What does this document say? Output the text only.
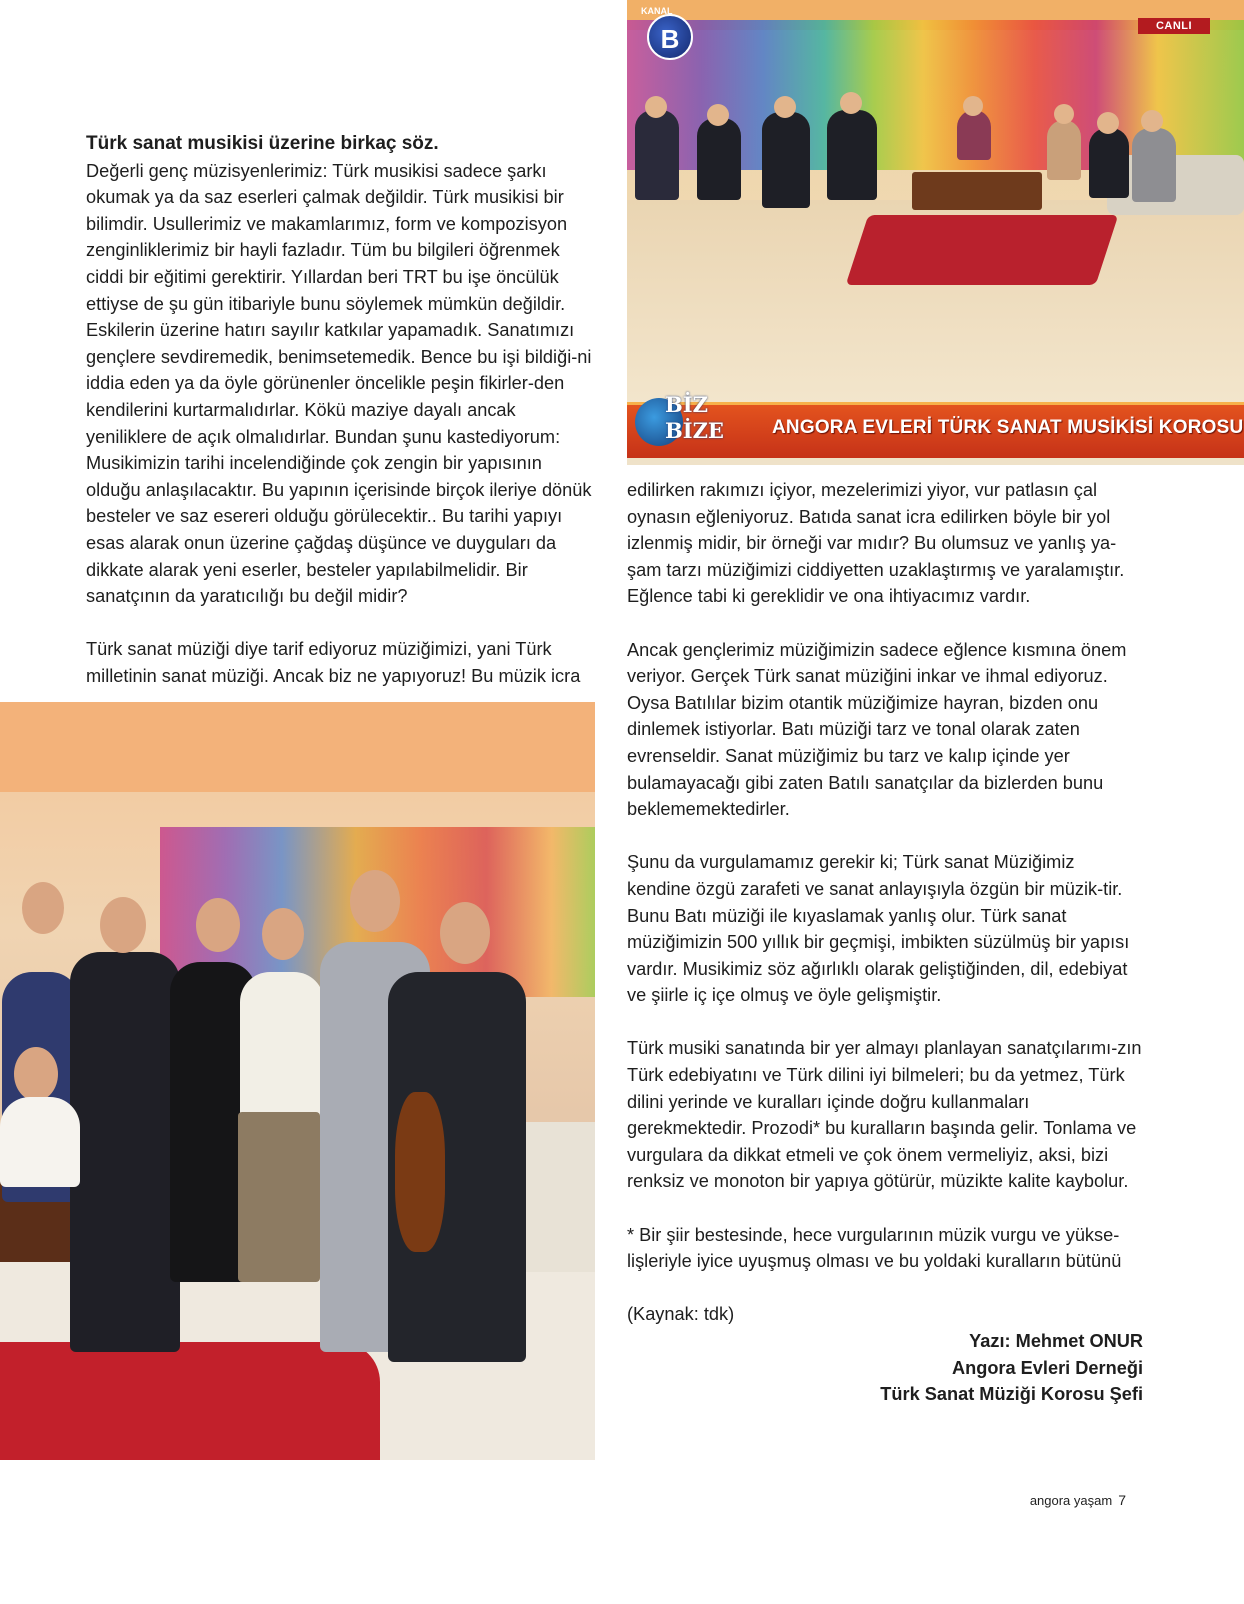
B
KANAL
CANLI
ANGORA EVLERİ TÜRK SANAT MUSİKİSİ KOROSU
BİZ
BİZE
Türk sanat musikisi üzerine birkaç söz.

Değerli genç müzisyenlerimiz: Türk musikisi sadece şarkı okumak ya da saz eserleri çalmak değildir. Türk musikisi bir bilimdir. Usullerimiz ve makamlarımız, form ve kompozisyon zenginliklerimiz bir hayli fazladır. Tüm bu bilgileri öğrenmek ciddi bir eğitimi gerektirir. Yıllardan beri TRT bu işe öncülük ettiyse de şu gün itibariyle bunu söylemek mümkün değildir. Eskilerin üzerine hatırı sayılır katkılar yapamadık. Sanatımızı gençlere sevdiremedik, benimsetemedik. Bence bu işi bildiği-ni iddia eden ya da öyle görünenler öncelikle peşin fikirler-den kendilerini kurtarmalıdırlar. Kökü maziye dayalı ancak yeniliklere de açık olmalıdırlar. Bundan şunu kastediyorum: Musikimizin tarihi incelendiğinde çok zengin bir yapısının olduğu anlaşılacaktır. Bu yapının içerisinde birçok ileriye dönük besteler ve saz esereri olduğu görülecektir.. Bu tarihi yapıyı esas alarak onun üzerine çağdaş düşünce ve duyguları da dikkate alarak yeni eserler, besteler yapılabilmelidir. Bir sanatçının da yaratıcılığı bu değil midir?

Türk sanat müziği diye tarif ediyoruz müziğimizi, yani Türk milletinin sanat müziği. Ancak biz ne yapıyoruz! Bu müzik icra

edilirken rakımızı içiyor, mezelerimizi yiyor, vur patlasın çal oynasın eğleniyoruz. Batıda sanat icra edilirken böyle bir yol izlenmiş midir, bir örneği var mıdır? Bu olumsuz ve yanlış ya-şam tarzı müziğimizi ciddiyetten uzaklaştırmış ve yaralamıştır. Eğlence tabi ki gereklidir ve ona ihtiyacımız vardır.

Ancak gençlerimiz müziğimizin sadece eğlence kısmına önem veriyor. Gerçek Türk sanat müziğini inkar ve ihmal ediyoruz. Oysa Batılılar bizim otantik müziğimize hayran, bizden onu dinlemek istiyorlar. Batı müziği tarz ve tonal olarak zaten evrenseldir. Sanat müziğimiz bu tarz ve kalıp içinde yer bulamayacağı gibi zaten Batılı sanatçılar da bizlerden bunu beklememektedirler.

Şunu da vurgulamamız gerekir ki; Türk sanat Müziğimiz kendine özgü zarafeti ve sanat anlayışıyla özgün bir müzik-tir. Bunu Batı müziği ile kıyaslamak yanlış olur. Türk sanat müziğimizin 500 yıllık bir geçmişi, imbikten süzülmüş bir yapısı vardır. Musikimiz söz ağırlıklı olarak geliştiğinden, dil, edebiyat ve şiirle iç içe olmuş ve öyle gelişmiştir.

Türk musiki sanatında bir yer almayı planlayan sanatçılarımı-zın Türk edebiyatını ve Türk dilini iyi bilmeleri; bu da yetmez, Türk dilini yerinde ve kuralları içinde doğru kullanmaları gerekmektedir. Prozodi* bu kuralların başında gelir. Tonlama ve vurgulara da dikkat etmeli ve çok önem vermeliyiz, aksi, bizi renksiz ve monoton bir yapıya götürür, müzikte kalite kaybolur.

* Bir şiir bestesinde, hece vurgularının müzik vurgu ve yükse-lişleriyle iyice uyuşmuş olması ve bu yoldaki kuralların bütünü

(Kaynak: tdk)

Yazı: Mehmet ONUR
Angora Evleri Derneği
Türk Sanat Müziği Korosu Şefi
angora yaşam 7
